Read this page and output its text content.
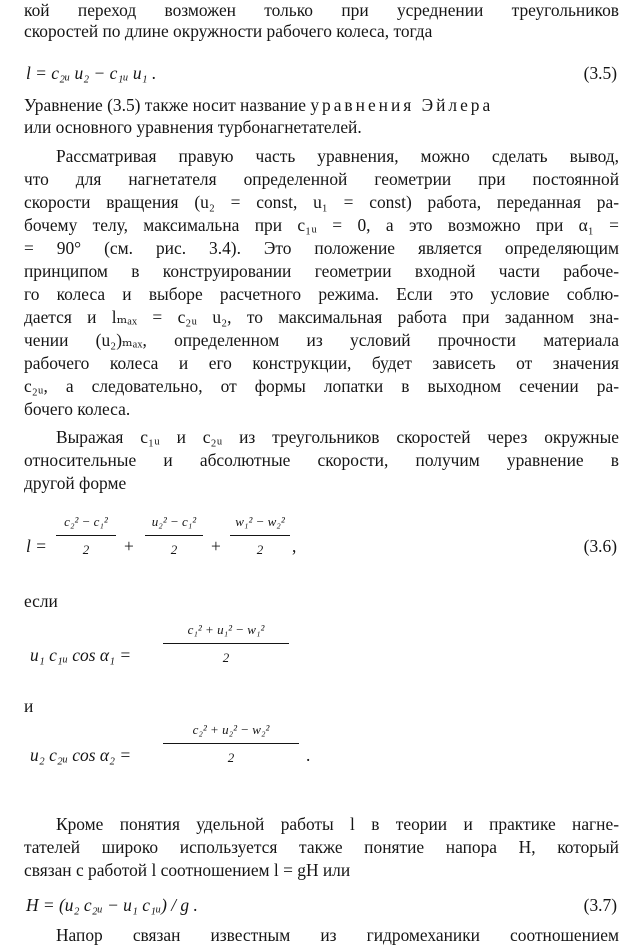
кой переход возможен только при усреднении треугольников
скоростей по длине окружности рабочего колеса, тогда
l = c₂ᵤ u₂ − c₁ᵤ u₁ .	(3.5)
Уравнение (3.5) также носит название уравнения Эйлера
или основного уравнения турбонагнетателей.
Рассматривая правую часть уравнения, можно сделать вывод,
что для нагнетателя определенной геометрии при постоянной
скорости вращения (u₂ = const, u₁ = const) работа, переданная ра-
бочему телу, максимальна при c₁ᵤ = 0, а это возможно при α₁ =
= 90° (см. рис. 3.4). Это положение является определяющим
принципом в конструировании геометрии входной части рабоче-
го колеса и выборе расчетного режима. Если это условие соблю-
дается и lₘₐₓ = c₂ᵤ u₂, то максимальная работа при заданном зна-
чении (u₂)ₘₐₓ, определенном из условий прочности материала
рабочего колеса и его конструкции, будет зависеть от значения
c₂ᵤ, а следовательно, от формы лопатки в выходном сечении ра-
бочего колеса.
Выражая c₁ᵤ и c₂ᵤ из треугольников скоростей через окружные
относительные и абсолютные скорости, получим уравнение в
другой форме
l =
c₂² − c₁²
2	+
u₂² − c₁²
2	+
w₁² − w₂²
2	,	(3.6)
если
u₁ c₁ᵤ cos α₁ =
c₁² + u₁² − w₁²
2
и
u₂ c₂ᵤ cos α₂ =
c₂² + u₂² − w₂²
2	.
Кроме понятия удельной работы l в теории и практике нагне-
тателей широко используется также понятие напора H, который
связан с работой l соотношением l = gH или
H = (u₂ c₂ᵤ − u₁ c₁ᵤ) / g .	(3.7)
Напор связан известным из гидромеханики соотношением
